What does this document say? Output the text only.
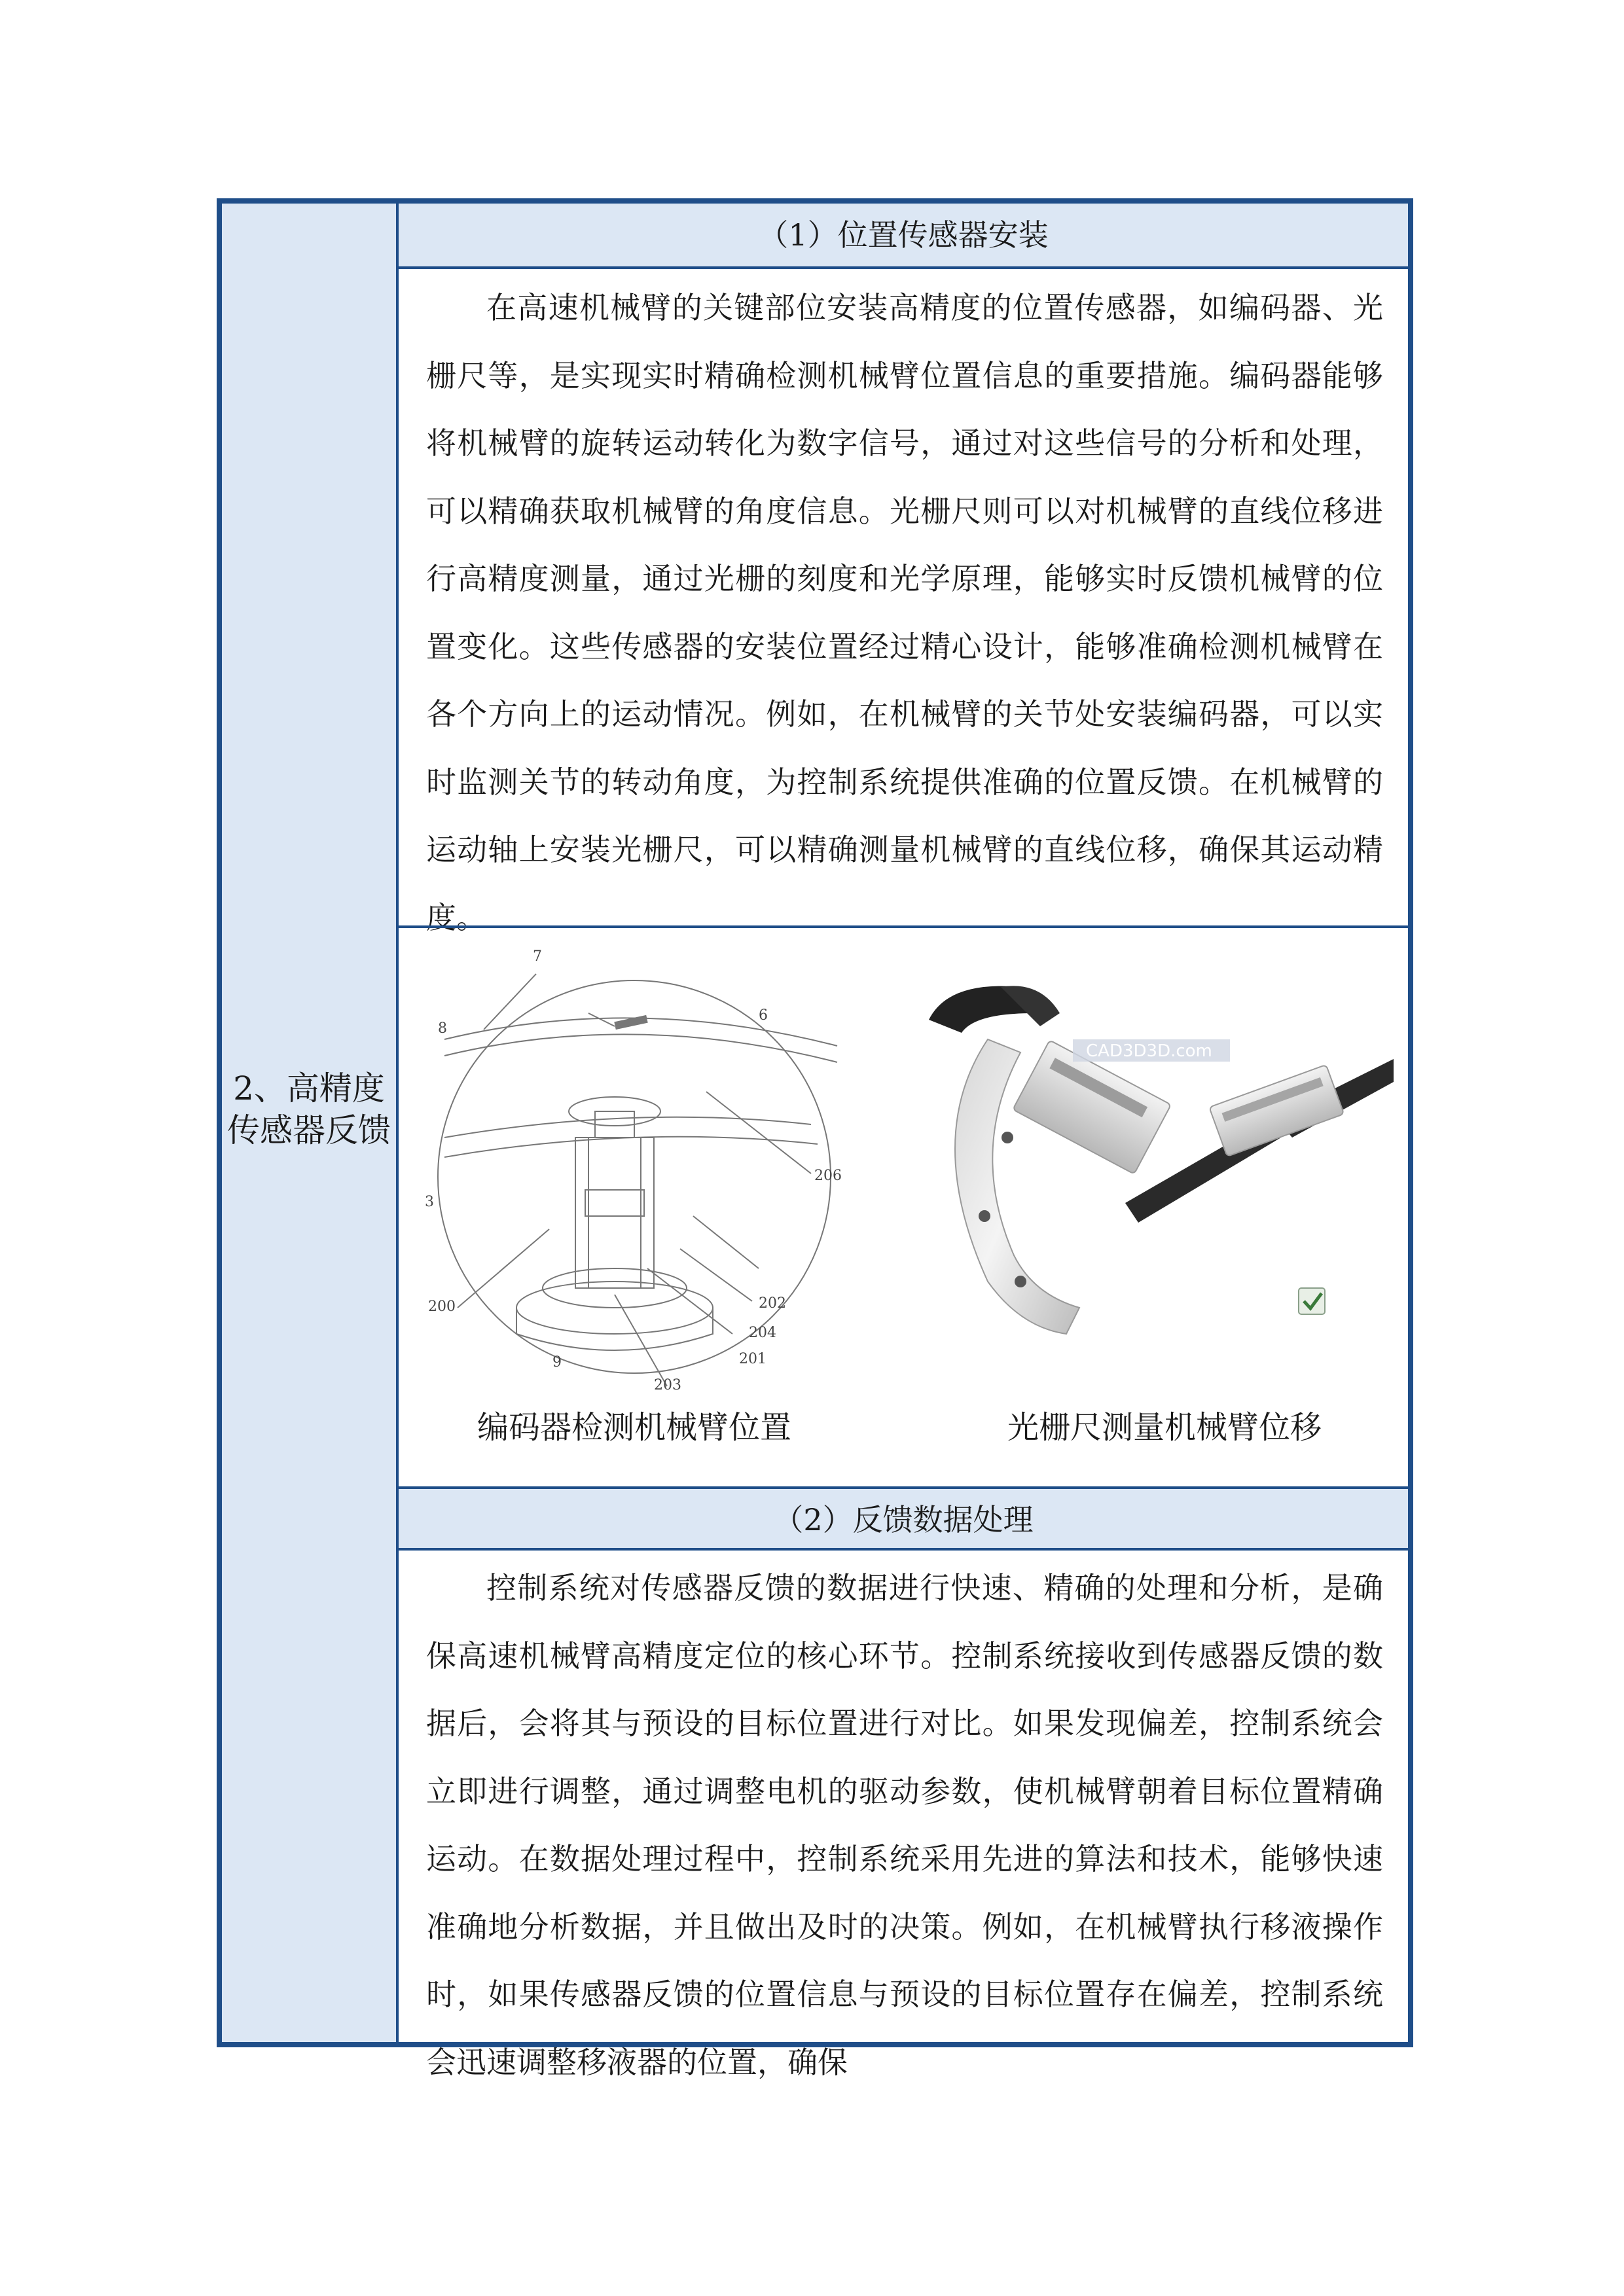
2、高精度传感器反馈
（1）位置传感器安装
在高速机械臂的关键部位安装高精度的位置传感器，如编码器、光栅尺等，是实现实时精确检测机械臂位置信息的重要措施。编码器能够将机械臂的旋转运动转化为数字信号，通过对这些信号的分析和处理，可以精确获取机械臂的角度信息。光栅尺则可以对机械臂的直线位移进行高精度测量，通过光栅的刻度和光学原理，能够实时反馈机械臂的位置变化。这些传感器的安装位置经过精心设计，能够准确检测机械臂在各个方向上的运动情况。例如，在机械臂的关节处安装编码器，可以实时监测关节的转动角度，为控制系统提供准确的位置反馈。在机械臂的运动轴上安装光栅尺，可以精确测量机械臂的直线位移，确保其运动精度。
7
8
6
3
206
200	202
204
201
9
203
CAD3D3D.com
编码器检测机械臂位置	光栅尺测量机械臂位移
（2）反馈数据处理
控制系统对传感器反馈的数据进行快速、精确的处理和分析，是确保高速机械臂高精度定位的核心环节。控制系统接收到传感器反馈的数据后，会将其与预设的目标位置进行对比。如果发现偏差，控制系统会立即进行调整，通过调整电机的驱动参数，使机械臂朝着目标位置精确运动。在数据处理过程中，控制系统采用先进的算法和技术，能够快速准确地分析数据，并且做出及时的决策。例如，在机械臂执行移液操作时，如果传感器反馈的位置信息与预设的目标位置存在偏差，控制系统会迅速调整移液器的位置，确保
